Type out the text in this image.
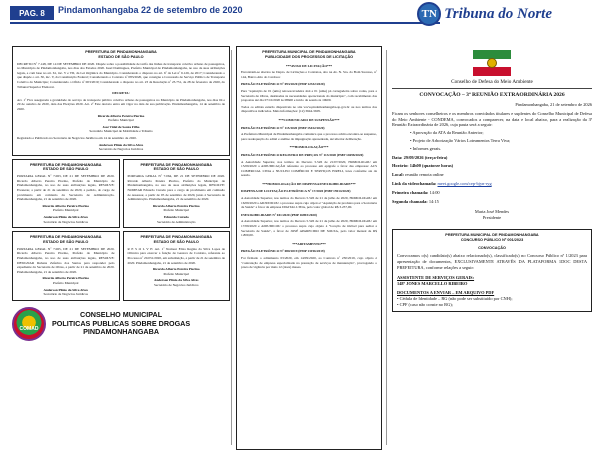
PAG. 8	Pindamonhangaba 22 de setembro de 2020	TN Tribuna do Norte
PREFEITURA DE PINDAMONHANGABA
ESTADO DE SÃO PAULO
DECRETO Nº 7.148, DE 14 DE SETEMBRO DE 2020. Dispõe sobre a possibilidade de tarifa das linhas de transporte coletivo urbano de passageiros, no Município de Pindamonhangaba, nos dias dos Estados 2020. Isael Domingues, Prefeito Municipal de Pindamonhangaba, no uso de suas atribuições legais, e com base no art. 61, inc. V e VII, da Lei Orgânica do Município. Considerando o disposto no art. 6º da Lei nº 6.126, de 2017; Considerando o que dispõe o art. 30, inc. V, da Constituição Federal; Considerando o Contrato nº 083/2020, que consigna a Concessão de Serviço Público de Transporte Coletivo do Município; Considerando o Ofício nº 003/2019; Considerando o disposto no art. 23 da Resolução nº 23.751, de 28 de fevereiro de 2020, do Tribunal Superior Eleitoral.
DECRETA:
Art. 1º Fica assegurada a gratuidade do serviço de transporte público coletivo urbano de passageiros no Município de Pindamonhangaba, nos dias 04 e 29 de outubro de 2020, data das Eleições 2020. Art. 2º Este decreto entra em vigor na data de sua publicação. Pindamonhangaba, 14 de setembro de 2020.
Ricardo Alberto Pereira Piorino
Prefeito Municipal
José Vidal de Souza Filho
Secretário Municipal de Mobilidade e Trânsito
Registrado e Publicado na Secretaria de Negócios Jurídicos em 14 de setembro de 2020.
Anderson Plínio da Silva Alves
Secretário de Negócios Jurídicos
PREFEITURA DE PINDAMONHANGABA
ESTADO DE SÃO PAULO
PORTARIA GERAL Nº 7.063, DE 21 DE SETEMBRO DE 2020. Ricardo Alberto Pereira Piorino, Prefeito do Município de Pindamonhangaba, no uso de suas atribuições legais, RESOLVE: Exonerar, a partir de 21 de setembro de 2020, a pedido, do cargo de provimento em comissão da Secretaria de Administração. Pindamonhangaba, 21 de setembro de 2020.
Ricardo Alberto Pereira Piorino
Prefeito Municipal
Anderson Plínio da Silva Alves
Secretário de Negócios Jurídicos
PREFEITURA DE PINDAMONHANGABA
ESTADO DE SÃO PAULO
PORTARIA GERAL Nº 7.064, DE 21 DE SETEMBRO DE 2020. Ricardo Alberto Pereira Piorino, Prefeito do Município de Pindamonhangaba, no uso de suas atribuições legais, RESOLVE: NOMEAR Eduardo Curado para o cargo de provimento em comissão de Assessor, a partir de 05 de setembro de 2020, junto à Secretaria de Administração. Pindamonhangaba, 21 de setembro de 2020.
Ricardo Alberto Pereira Piorino
Prefeito Municipal
Eduardo Curado
Secretário de Administração
PREFEITURA DE PINDAMONHANGABA
ESTADO DE SÃO PAULO
PORTARIA GERAL Nº 7.065, DE 21 DE SETEMBRO DE 2020. Ricardo Alberto Pereira Piorino, Prefeito do Município de Pindamonhangaba, no uso de suas atribuições legais, RESOLVE: DESIGNAR Rubens Zeferino dos Santos para responder pelo expediente da Secretaria de Obras, a partir de 21 de setembro de 2020. Pindamonhangaba, 21 de setembro de 2020.
Ricardo Alberto Pereira Piorino
Prefeito Municipal
Anderson Plínio da Silva Alves
Secretário de Negócios Jurídicos
PREFEITURA DE PINDAMONHANGABA
ESTADO DE SÃO PAULO
R E S O L V E: Art. 1º Nomear Eliza Regina da Silva Lopes de Oliveira para exercer a função de Gestora de Contrato, referente ao Processo nº 20.031/2020, em substituição, a partir de 21 de setembro de 2020. Pindamonhangaba, 21 de setembro de 2020.
Ricardo Alberto Pereira Piorino
Prefeito Municipal
Anderson Plínio da Silva Alves
Secretário de Negócios Jurídicos
COMAD
CONSELHO MUNICIPAL
POLITICAS PUBLICAS SOBRE DROGAS
PINDAMONHANGABA
PREFEITURA MUNICIPAL DE PINDAMONHANGABA
PUBLICIDADE DOS PROCESSOS DE LICITAÇÃO
***AVISO DE LICITAÇÃO***
Encontram-se abertos no Depto. de Licitações e Contratos, sito na Av. N. Sra. do Bom Sucesso, nº 144, Bairro Alto do Cardoso:
PREGÃO ELETRÔNICO Nº 093/2020 (PMP 12332/2020)
Para "aquisição de 01 (uma) retroescavadeira 4x4 e 01 (uma) pá carregadeira sobre rodas, para a Secretaria de Obras, destinadas às necessidades operacionais do município", com recebimento das propostas até dia 07/10/2020 às 08h00 e início da sessão às 10h00.
Todos os editais estarão disponíveis no site www.pindamonhangaba.sp.gov.br ou nos termos dos dispositivos indicados. Mais informações: (12) 3644-5605.
***COMUNICADO DE SUSPENSÃO***
PREGÃO ELETRÔNICO Nº 115/2020 (PMP 15432/2020)
A Prefeitura Municipal de Pindamonhangaba comunica que o processo acima encontra-se suspenso, para readequação do edital e análise da impugnação apresentada, até ulterior deliberação.
***HOMOLOGAÇÃO***
PREGÃO ELETRÔNICO REGISTRO DE PREÇOS Nº 113/2020 (PMP 14698/2020)
A Autoridade Superior, nos termos do Decreto 5.526 de 21/07/2020, HOMOLOGOU em 15/09/2020 a ADJUDICAÇÃO referente ao processo em epígrafe a favor das empresas: ACS COMERCIAL LTDA e NUCLEO COMÉRCIO E SERVIÇOS EIRELI, lotes conforme ata da sessão.
***HOMOLOGAÇÃO DE DISPENSA/INEXIGIBILIDADE***
DISPENSA DE LICITAÇÃO ELETRÔNICA Nº 17/2020 (PMP 15914/2020)
A Autoridade Superior, nos termos do Decreto 5.526 de 21 de julho de 2020, HOMOLOGOU em 16/09/2020 a ADJUDICOU o processo supra cujo objeto é "Aquisição de produtos para a Secretaria de Saúde" a favor da empresa DIGITAL LTDA, pelo valor global de R$ 3.237,00.
INEXIGIBILIDADE Nº 041/2020 (PMP 16893/2020)
A Autoridade Superior, nos termos do Decreto 5.526 de 21 de julho de 2020, HOMOLOGOU em 17/09/2020 e ADJUDICOU o processo supra cujo objeto é "locação de imóvel para sediar a Secretaria de Saúde", a favor de JOSÉ APARECIDO DE SOUZA, pelo valor mensal de R$ 1.800,00.
***ADITAMENTO***
PREGÃO ELETRÔNICO Nº 080/2019 (PMP 13196/2019)
Foi firmado o aditamento 03/2020, em 14/09/2020, ao Contrato nº 230/2019, cujo objeto é "contratação de empresa especializada na prestação de serviços de manutenção", prorrogando o prazo de vigência por mais 12 (doze) meses.
Conselho de Defesa do Meio Ambiente
CONVOCAÇÃO – 3ª REUNIÃO EXTRAORDINÁRIA 2026
Pindamonhangaba, 21 de setembro de 2026
Ficam os senhores conselheiros e os membros convidados titulares e suplentes do Conselho Municipal de Defesa do Meio Ambiente - CONDEMA, convocados a comparecer, na data e local abaixo, para a realização da 3ª Reunião Extraordinária de 2026, cuja pauta será a seguir:
• Aprovação da ATA da Reunião Anterior;
• Projeto de Arborização Vários Loteamentos Terra Viva;
• Informes gerais.
Data: 29/09/2026 (terça-feira)
Horário: 14h00 (quatorze horas)
Local: reunião remota online
Link da videochamada: meet.google.com/cep-bjyn-ryg
Primeira chamada: 14:00
Segunda chamada: 14:15
Maria José Mendes
Presidente
PREFEITURA MUNICIPAL DE PINDAMONHANGABA
CONCURSO PÚBLICO Nº 001/2023
CONVOCAÇÃO
Convocamos o(s) candidato(s) abaixo relacionado(s), classificado(s) no Concurso Público nº 1/2023 para apresentação de documentos, EXCLUSIVAMENTE ATRAVÉS DA PLATAFORMA 1DOC DESTA PREFEITURA, conforme relações a seguir:
ASSISTENTE DE SERVIÇOS GERAIS:
148º JONES MARCELLO RIBEIRO
DOCUMENTOS A ENVIAR – EM ARQUIVO PDF
• Cédula de Identidade – RG (não pode ser substituído por CNH);
• CPF (caso não conste no RG);
